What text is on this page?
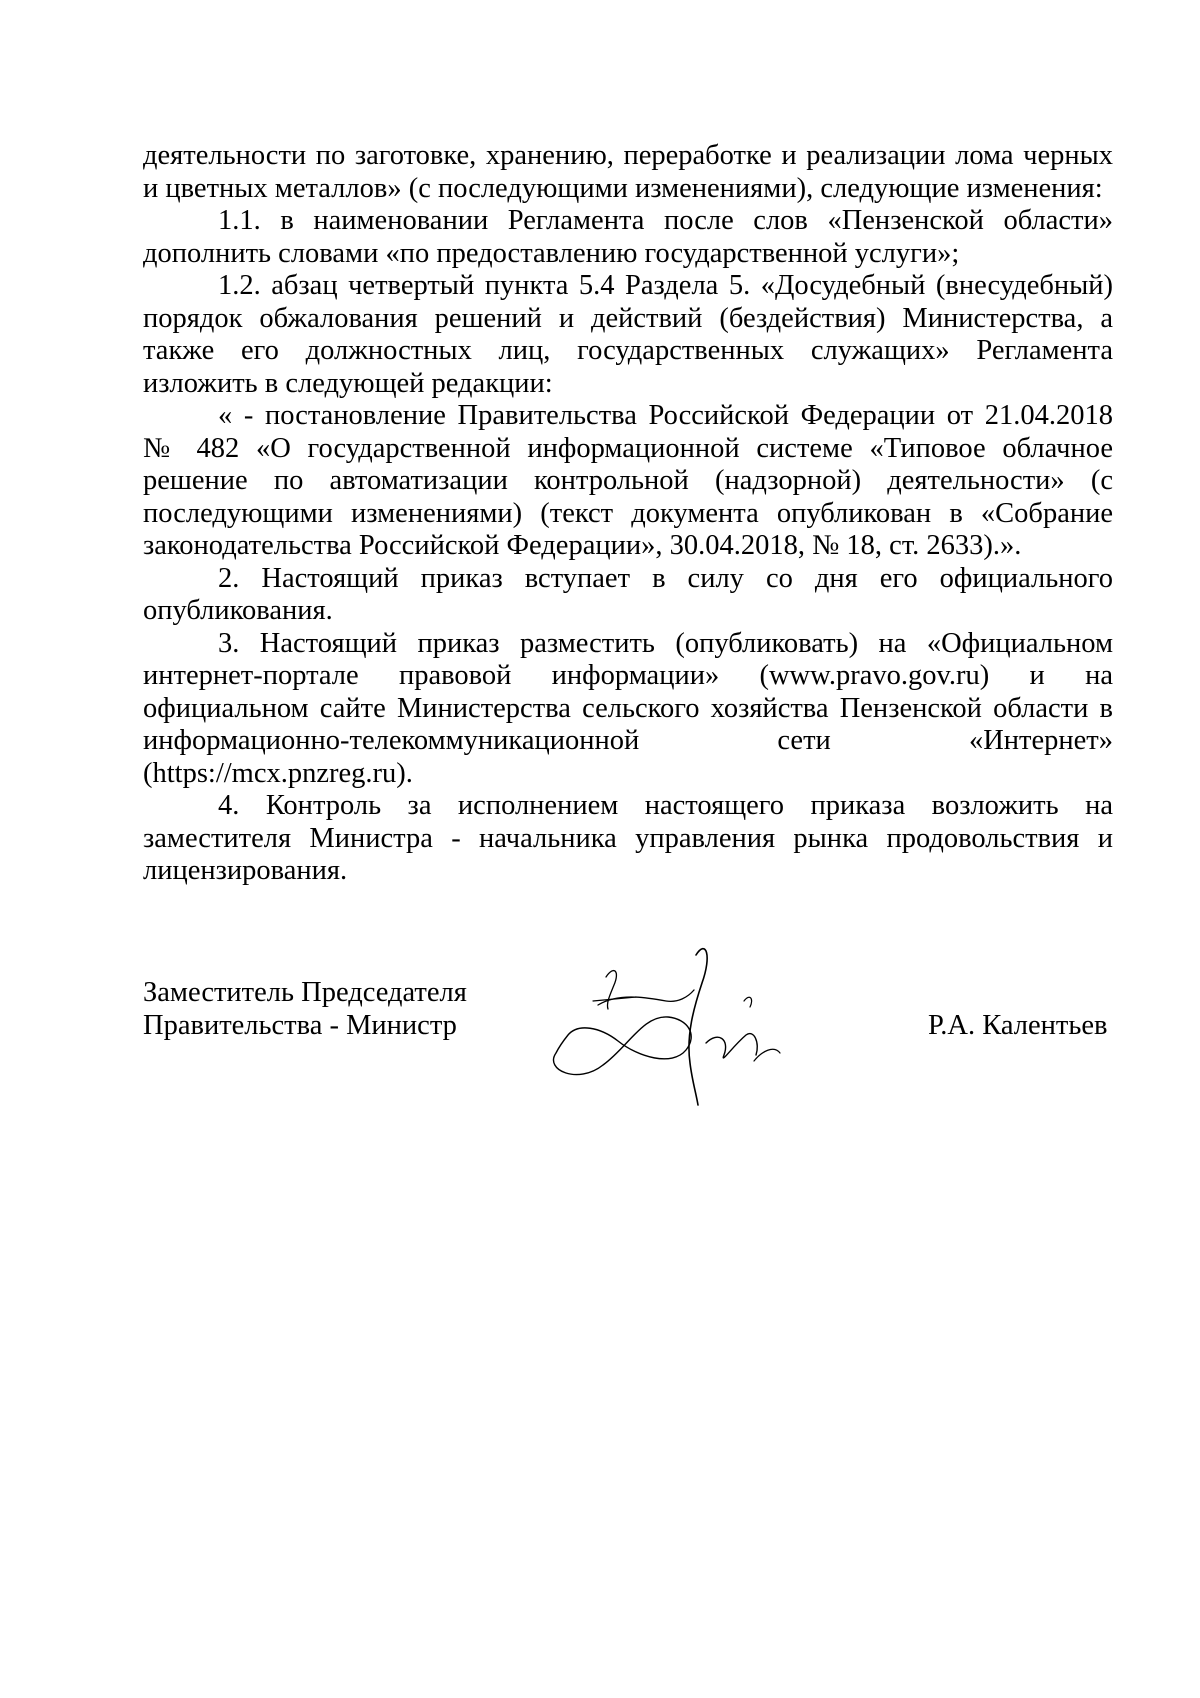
деятельности по заготовке, хранению, переработке и реализации лома черных и цветных металлов» (с последующими изменениями), следующие изменения:

1.1. в наименовании Регламента после слов «Пензенской области» дополнить словами «по предоставлению государственной услуги»;

1.2. абзац четвертый пункта 5.4 Раздела 5. «Досудебный (внесудебный) порядок обжалования решений и действий (бездействия) Министерства, а также его должностных лиц, государственных служащих» Регламента изложить в следующей редакции:

« - постановление Правительства Российской Федерации от 21.04.2018 № 482 «О государственной информационной системе «Типовое облачное решение по автоматизации контрольной (надзорной) деятельности» (с последующими изменениями) (текст документа опубликован в «Собрание законодательства Российской Федерации», 30.04.2018, № 18, ст. 2633).».

2. Настоящий приказ вступает в силу со дня его официального опубликования.

3. Настоящий приказ разместить (опубликовать) на «Официальном интернет-портале правовой информации» (www.pravo.gov.ru) и на официальном сайте Министерства сельского хозяйства Пензенской области в информационно-телекоммуникационной сети «Интернет» (https://mcx.pnzreg.ru).

4. Контроль за исполнением настоящего приказа возложить на заместителя Министра - начальника управления рынка продовольствия и лицензирования.

Заместитель Председателя
Правительства - Министр	Р.А. Калентьев
